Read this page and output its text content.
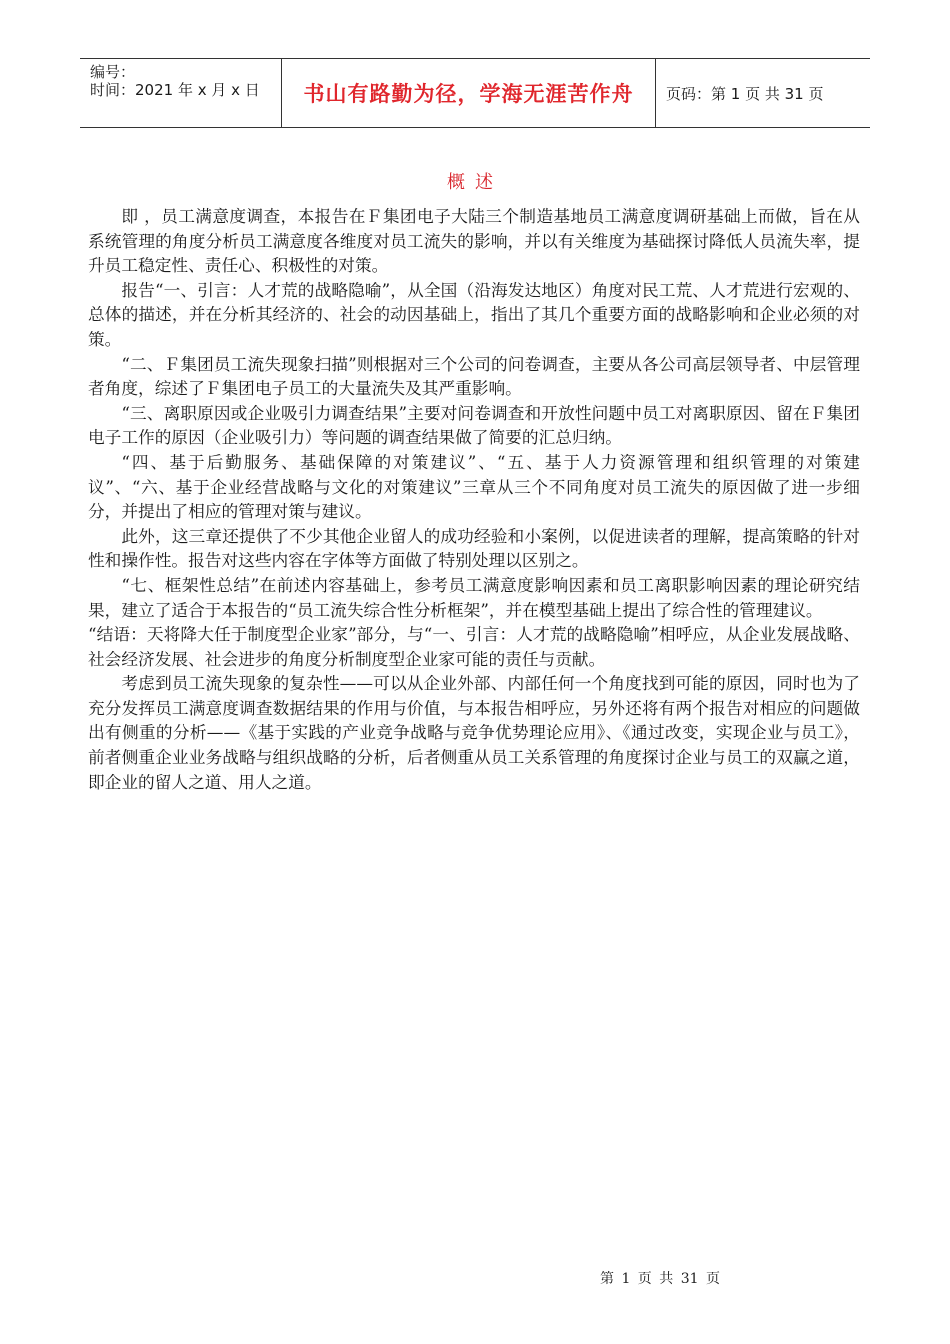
编号：
时间：2021 年 x 月 x 日	书山有路勤为径，学海无涯苦作舟	页码：第 1 页 共 31 页
概述

即 ，员工满意度调查，本报告在Ｆ集团电子大陆三个制造基地员工满意度调研基础上而做，旨在从系统管理的角度分析员工满意度各维度对员工流失的影响，并以有关维度为基础探讨降低人员流失率，提升员工稳定性、责任心、积极性的对策。

报告“一、引言：人才荒的战略隐喻”，从全国（沿海发达地区）角度对民工荒、人才荒进行宏观的、总体的描述，并在分析其经济的、社会的动因基础上，指出了其几个重要方面的战略影响和企业必须的对策。

“二、Ｆ集团员工流失现象扫描”则根据对三个公司的问卷调查，主要从各公司高层领导者、中层管理者角度，综述了Ｆ集团电子员工的大量流失及其严重影响。

“三、离职原因或企业吸引力调查结果”主要对问卷调查和开放性问题中员工对离职原因、留在Ｆ集团电子工作的原因（企业吸引力）等问题的调查结果做了简要的汇总归纳。

“四、基于后勤服务、基础保障的对策建议”、“五、基于人力资源管理和组织管理的对策建议”、“六、基于企业经营战略与文化的对策建议”三章从三个不同角度对员工流失的原因做了进一步细分，并提出了相应的管理对策与建议。

此外，这三章还提供了不少其他企业留人的成功经验和小案例，以促进读者的理解，提高策略的针对性和操作性。报告对这些内容在字体等方面做了特别处理以区别之。

“七、框架性总结”在前述内容基础上，参考员工满意度影响因素和员工离职影响因素的理论研究结果，建立了适合于本报告的“员工流失综合性分析框架”，并在模型基础上提出了综合性的管理建议。

“结语：天将降大任于制度型企业家”部分，与“一、引言：人才荒的战略隐喻”相呼应，从企业发展战略、社会经济发展、社会进步的角度分析制度型企业家可能的责任与贡献。

考虑到员工流失现象的复杂性——可以从企业外部、内部任何一个角度找到可能的原因，同时也为了充分发挥员工满意度调查数据结果的作用与价值，与本报告相呼应，另外还将有两个报告对相应的问题做出有侧重的分析——《基于实践的产业竞争战略与竞争优势理论应用》、《通过改变，实现企业与员工》，前者侧重企业业务战略与组织战略的分析，后者侧重从员工关系管理的角度探讨企业与员工的双赢之道，即企业的留人之道、用人之道。

第 1 页 共 31 页
